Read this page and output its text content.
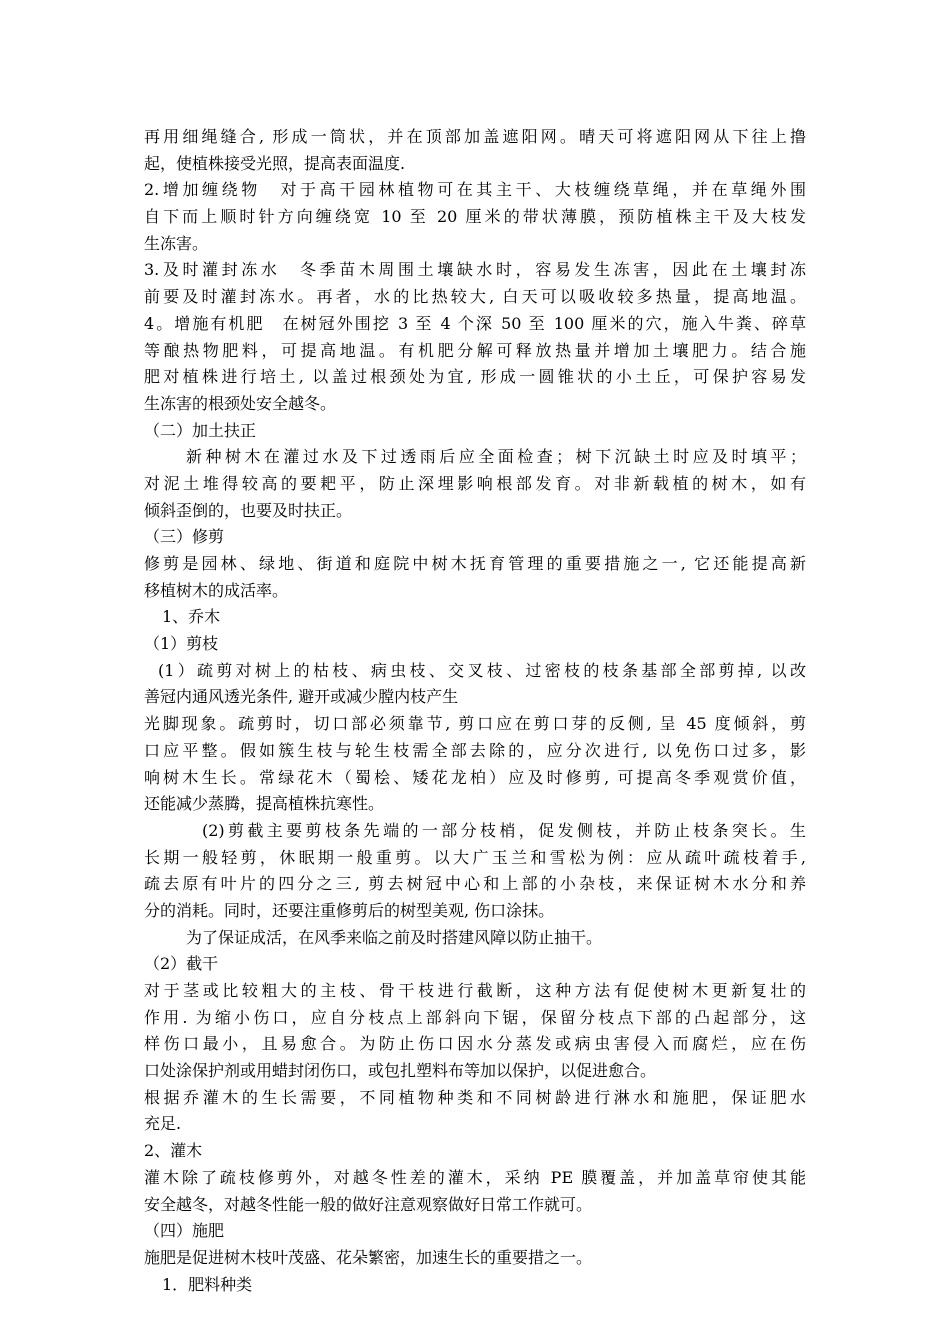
再用细绳缝合, 形成一筒状，并在顶部加盖遮阳网。晴天可将遮阳网从下往上撸
起，使植株接受光照，提高表面温度.
2.增加缠绕物　对于高干园林植物可在其主干、大枝缠绕草绳，并在草绳外围
自下而上顺时针方向缠绕宽 10 至 20 厘米的带状薄膜，预防植株主干及大枝发
生冻害。
3.及时灌封冻水　冬季苗木周围土壤缺水时，容易发生冻害，因此在土壤封冻
前要及时灌封冻水。再者，水的比热较大, 白天可以吸收较多热量，提高地温。
4。增施有机肥　在树冠外围挖 3 至 4 个深 50 至 100 厘米的穴，施入牛粪、碎草
等酿热物肥料，可提高地温。有机肥分解可释放热量并增加土壤肥力。结合施
肥对植株进行培土, 以盖过根颈处为宜, 形成一圆锥状的小土丘，可保护容易发
生冻害的根颈处安全越冬。
（二）加土扶正
新种树木在灌过水及下过透雨后应全面检查；树下沉缺土时应及时填平；
对泥土堆得较高的要耙平，防止深埋影响根部发育。对非新载植的树木，如有
倾斜歪倒的，也要及时扶正。
（三）修剪
修剪是园林、绿地、街道和庭院中树木抚育管理的重要措施之一, 它还能提高新
移植树木的成活率。
1、乔木
（1）剪枝
(1）疏剪对树上的枯枝、病虫枝、交叉枝、过密枝的枝条基部全部剪掉, 以改
善冠内通风透光条件, 避开或减少膛内枝产生
光脚现象。疏剪时，切口部必须靠节, 剪口应在剪口芽的反侧, 呈 45 度倾斜，剪
口应平整。假如簇生枝与轮生枝需全部去除的，应分次进行, 以免伤口过多，影
响树木生长。常绿花木（蜀桧、矮花龙柏）应及时修剪, 可提高冬季观赏价值，
还能减少蒸腾，提高植株抗寒性。
(2)剪截主要剪枝条先端的一部分枝梢，促发侧枝，并防止枝条突长。生
长期一般轻剪，休眠期一般重剪。以大广玉兰和雪松为例：应从疏叶疏枝着手,
疏去原有叶片的四分之三, 剪去树冠中心和上部的小杂枝，来保证树木水分和养
分的消耗。同时，还要注重修剪后的树型美观, 伤口涂抹。
为了保证成活，在风季来临之前及时搭建风障以防止抽干。
（2）截干
对于茎或比较粗大的主枝、骨干枝进行截断，这种方法有促使树木更新复壮的
作用. 为缩小伤口，应自分枝点上部斜向下锯，保留分枝点下部的凸起部分，这
样伤口最小，且易愈合。为防止伤口因水分蒸发或病虫害侵入而腐烂，应在伤
口处涂保护剂或用蜡封闭伤口，或包扎塑料布等加以保护，以促进愈合。
根据乔灌木的生长需要，不同植物种类和不同树龄进行淋水和施肥，保证肥水
充足.
2、灌木
灌木除了疏枝修剪外，对越冬性差的灌木，采纳 PE 膜覆盖，并加盖草帘使其能
安全越冬，对越冬性能一般的做好注意观察做好日常工作就可。
（四）施肥
施肥是促进树木枝叶茂盛、花朵繁密，加速生长的重要措之一。
1．肥料种类
